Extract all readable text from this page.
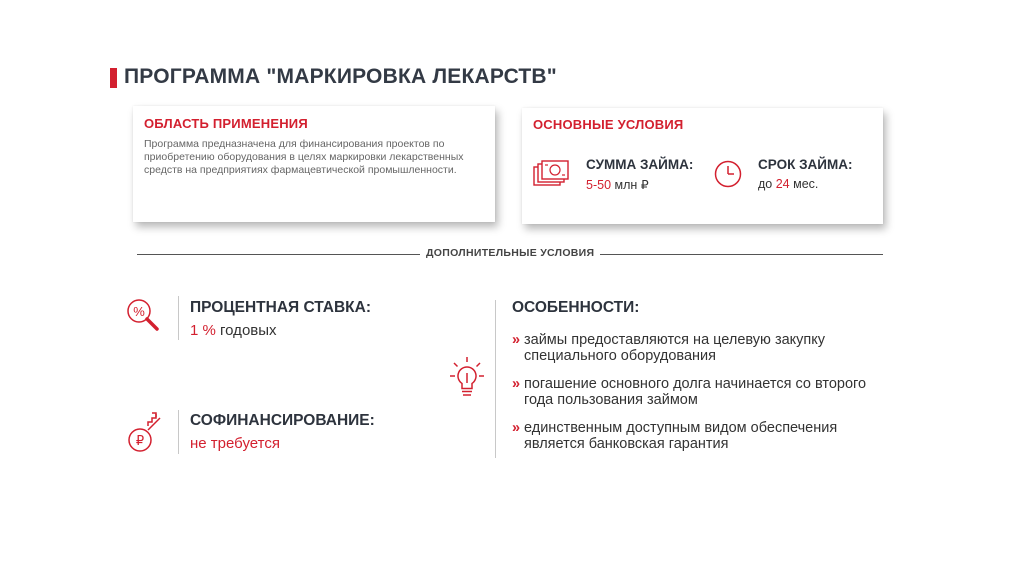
ПРОГРАММА "МАРКИРОВКА ЛЕКАРСТВ"
ОБЛАСТЬ ПРИМЕНЕНИЯ
Программа предназначена для финансирования проектов по приобретению оборудования в целях маркировки лекарственных средств на предприятиях фармацевтической промышленности.
ОСНОВНЫЕ УСЛОВИЯ
СУММА ЗАЙМА:
5-50 млн ₽
СРОК ЗАЙМА:
до 24 мес.
ДОПОЛНИТЕЛЬНЫЕ УСЛОВИЯ
%	ПРОЦЕНТНАЯ СТАВКА:
1 % годовых
₽
СОФИНАНСИРОВАНИЕ:
не требуется
ОСОБЕННОСТИ:
» займы предоставляются на целевую закупку специального оборудования
» погашение основного долга начинается со второго года пользования займом
» единственным доступным видом обеспечения является банковская гарантия
